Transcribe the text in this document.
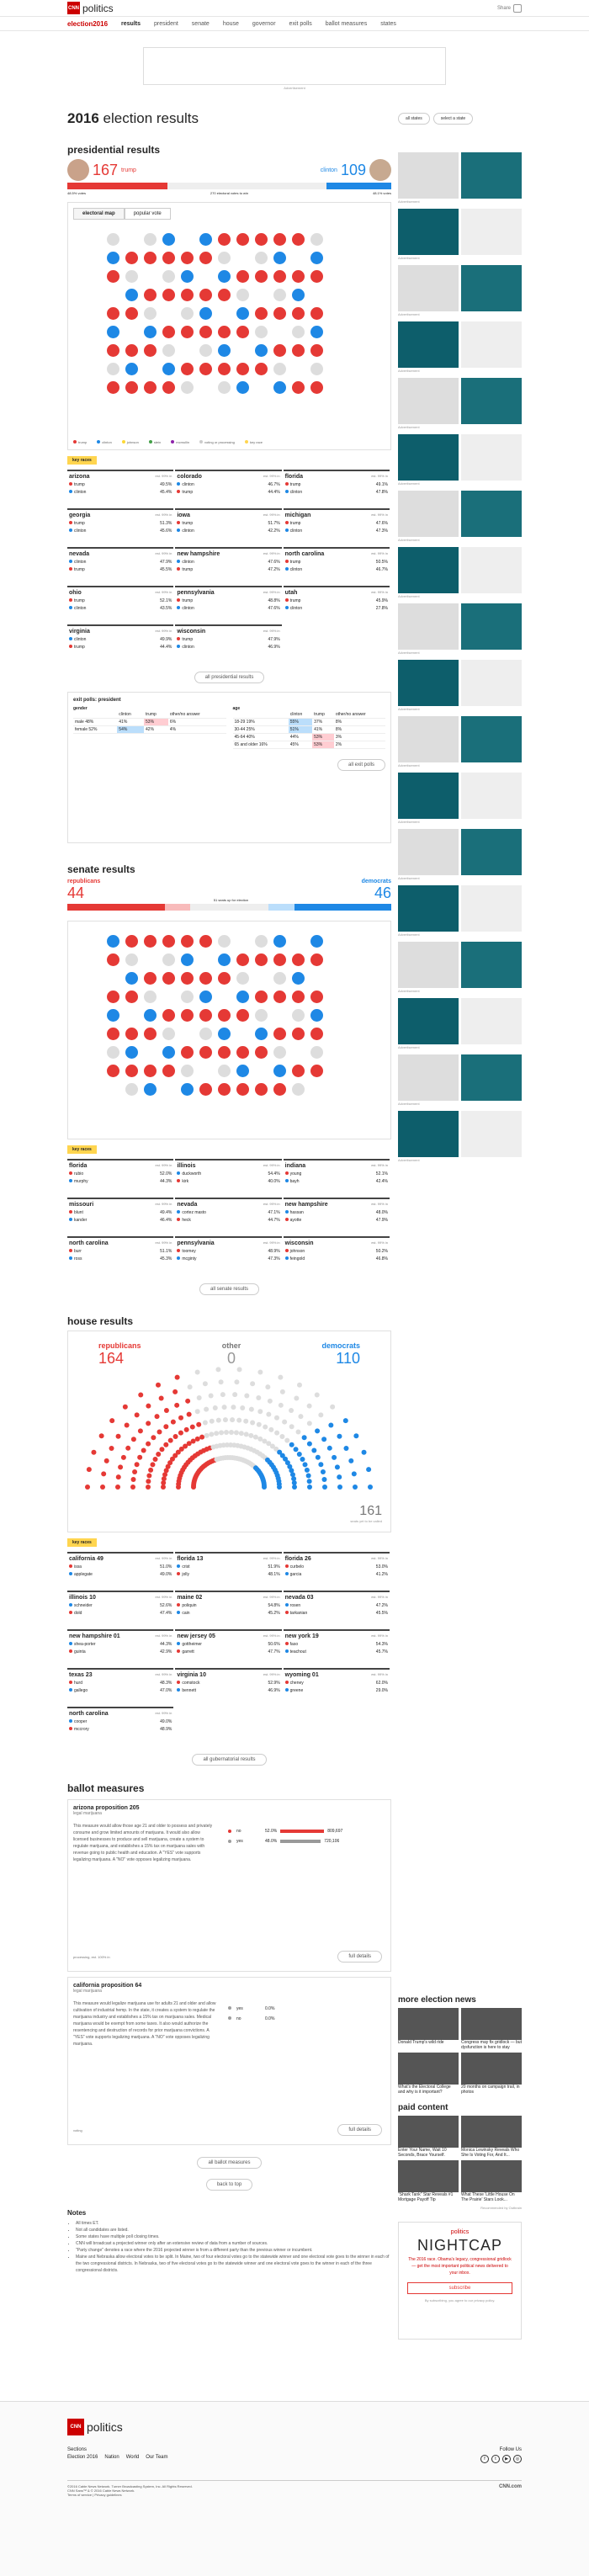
CNN politics	Share
election2016 results president senate house governor exit polls ballot measures states
Advertisement
2016 election results	all states	select a state
presidential results
167 trump	clinton 109
48.5% votes	270 electoral votes to win	48.1% votes
electoral map	popular vote
trump	clinton	johnson	stein	mcmullin	voting or processing	key race
key races
arizona	est. 99% in
trump	49.5%
clinton	45.4%
colorado	est. 99% in
clinton	46.7%
trump	44.4%
florida	est. 99% in
trump	49.1%
clinton	47.8%
georgia	est. 99% in
trump	51.3%
clinton	45.6%
iowa	est. 99% in
trump	51.7%
clinton	42.2%
michigan	est. 99% in
trump	47.6%
clinton	47.3%
nevada	est. 99% in
clinton	47.9%
trump	45.5%
new hampshire	est. 99% in
clinton	47.6%
trump	47.2%
north carolina	est. 99% in
trump	50.5%
clinton	46.7%
ohio	est. 99% in
trump	52.1%
clinton	43.5%
pennsylvania	est. 99% in
trump	48.8%
clinton	47.6%
utah	est. 99% in
trump	45.9%
clinton	27.8%
virginia	est. 99% in
clinton	49.9%
trump	44.4%
wisconsin	est. 99% in
trump	47.9%
clinton	46.9%
all presidential results
exit polls: president
gender
	clinton	trump	other/no answer
male 48%	41%	53%	6%
female 52%	54%	42%	4%
age
	clinton	trump	other/no answer
18-29 19%	55%	37%	8%
30-44 25%	51%	41%	8%
45-64 40%	44%	53%	3%
65 and older 16%	45%	53%	2%
all exit polls
senate results
republicans
44	51 seats up for election
democrats
46
key races
florida	est. 99% in
rubio	52.0%
murphy	44.3%
illinois	est. 99% in
duckworth	54.4%
kirk	40.0%
indiana	est. 99% in
young	52.1%
bayh	42.4%
missouri	est. 99% in
blunt	49.4%
kander	46.4%
nevada	est. 99% in
cortez masto	47.1%
heck	44.7%
new hampshire	est. 99% in
hassan	48.0%
ayotte	47.9%
north carolina	est. 99% in
burr	51.1%
ross	45.3%
pennsylvania	est. 99% in
toomey	48.9%
mcginty	47.3%
wisconsin	est. 99% in
johnson	50.2%
feingold	46.8%
all senate results
house results
republicans
164
other
0
democrats
110
161
seats yet to be called
key races
california 49	est. 99% in
issa	51.0%
applegate	49.0%
florida 13	est. 99% in
crist	51.9%
jolly	48.1%
florida 26	est. 99% in
curbelo	53.0%
garcia	41.2%
illinois 10	est. 99% in
schneider	52.6%
dold	47.4%
maine 02	est. 99% in
poliquin	54.8%
cain	45.2%
nevada 03	est. 99% in
rosen	47.2%
tarkanian	45.5%
new hampshire 01	est. 99% in
shea-porter	44.3%
guinta	42.9%
new jersey 05	est. 99% in
gottheimer	50.6%
garrett	47.7%
new york 19	est. 99% in
faso	54.3%
teachout	45.7%
texas 23	est. 99% in
hurd	48.3%
gallego	47.0%
virginia 10	est. 99% in
comstock	52.9%
bennett	46.9%
wyoming 01	est. 99% in
cheney	62.0%
greene	29.0%
north carolina	est. 99% in
cooper	49.0%
mccrory	48.9%
all gubernatorial results
ballot measures
arizona proposition 205
legal marijuana
This measure would allow those age 21 and older to possess and privately consume and grow limited amounts of marijuana. It would also allow licensed businesses to produce and sell marijuana, create a system to regulate marijuana, and establishes a 15% tax on marijuana sales with revenue going to public health and education. A "YES" vote supports legalizing marijuana. A "NO" vote opposes legalizing marijuana.
no	52.0%	809,697
yes	48.0%	720,106
processing, est. 100% in	full details
california proposition 64
legal marijuana
This measure would legalize marijuana use for adults 21 and older and allow cultivation of industrial hemp. In the state, it creates a system to regulate the marijuana industry and establishes a 15% tax on marijuana sales. Medical marijuana would be exempt from some taxes. It also would authorize the resentencing and destruction of records for prior marijuana convictions. A "YES" vote supports legalizing marijuana. A "NO" vote opposes legalizing marijuana.
yes	0.0%
no	0.0%
voting	full details
all ballot measures
back to top
Notes
• All times ET.
• Not all candidates are listed.
• Some states have multiple poll closing times.
• CNN will broadcast a projected winner only after an extensive review of data from a number of sources.
• "Party change" denotes a race where the 2016 projected winner is from a different party than the previous winner or incumbent.
• Maine and Nebraska allow electoral votes to be split. In Maine, two of four electoral votes go to the statewide winner and one electoral vote goes to the winner in each of the two congressional districts. In Nebraska, two of five electoral votes go to the statewide winner and one electoral vote goes to the winner in each of the three congressional districts.
Advertisement
Advertisement
Advertisement
Advertisement
Advertisement
Advertisement
Advertisement
Advertisement
Advertisement
Advertisement
Advertisement
Advertisement
Advertisement
Advertisement
Advertisement
Advertisement
Advertisement
Advertisement
more election news
Donald Trump's wild ride	Congress may fix gridlock — but dysfunction is here to stay
What's the Electoral College and why is it important?
20 months on campaign trail, in photos
paid content
Enter Your Name, Wait 10 Seconds, Brace Yourself.
Monica Lewinsky Reveals Who She Is Voting For, And It...
"Shark Tank" Star Reveals #1 Mortgage Payoff Tip
What These 'Little House On The Prairie' Stars Look...
Recommended by Outbrain
politics
NIGHTCAP
The 2016 race. Obama's legacy, congressional gridlock — get the most important political news delivered to your inbox.
subscribe
By subscribing, you agree to our privacy policy.
CNN politics
Sections
Election 2016 Nation World Our Team
Follow Us
f	t	▶	◎
©2016 Cable News Network. Turner Broadcasting System, Inc. All Rights Reserved.
CNN Sans™ & © 2016 Cable News Network.
Terms of service | Privacy guidelines
CNN.com
